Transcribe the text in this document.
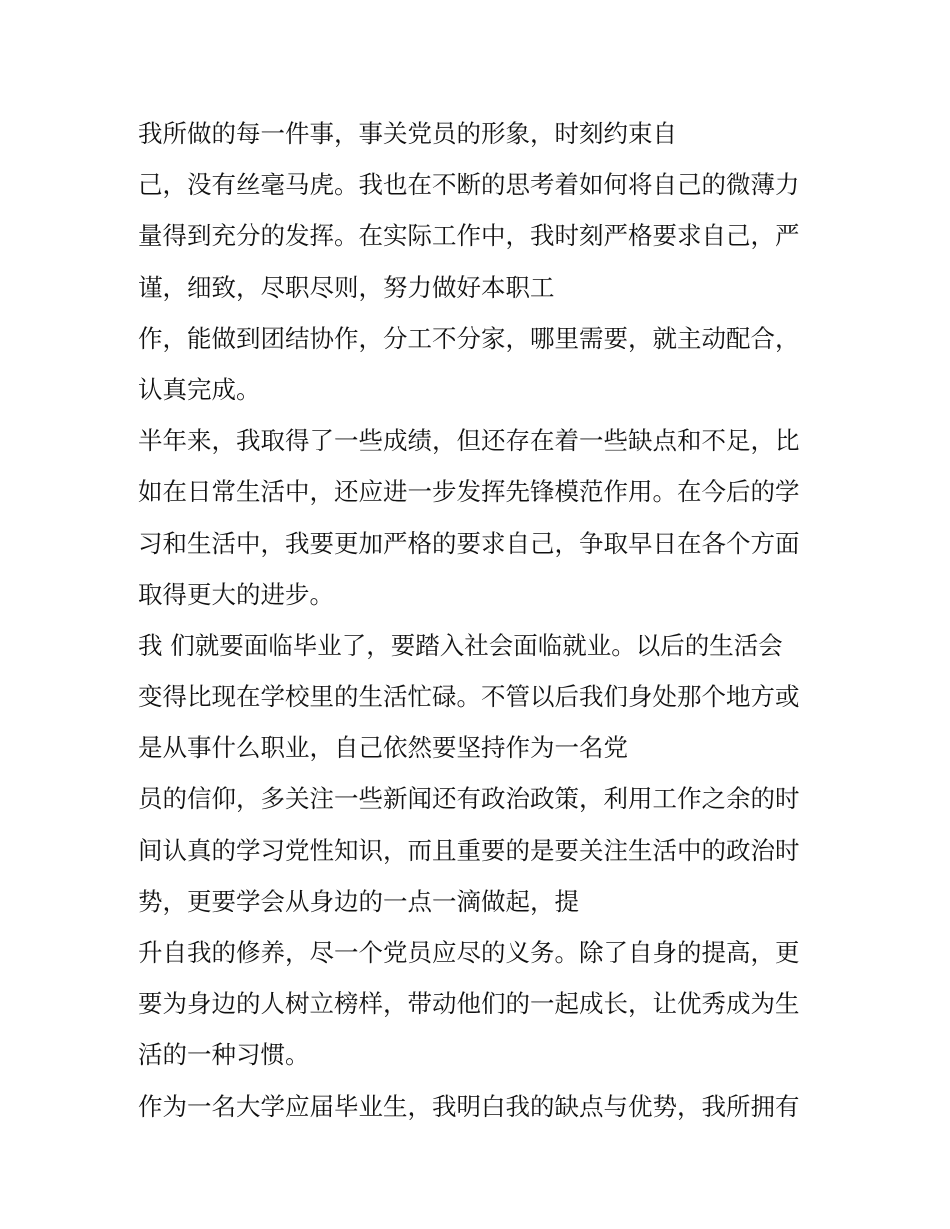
我所做的每一件事，事关党员的形象，时刻约束自
己，没有丝毫马虎。我也在不断的思考着如何将自己的微薄力
量得到充分的发挥。在实际工作中，我时刻严格要求自己，严
谨，细致，尽职尽则，努力做好本职工
作，能做到团结协作，分工不分家，哪里需要，就主动配合，
认真完成。
半年来，我取得了一些成绩，但还存在着一些缺点和不足，比
如在日常生活中，还应进一步发挥先锋模范作用。在今后的学
习和生活中，我要更加严格的要求自己，争取早日在各个方面
取得更大的进步。
我 们就要面临毕业了，要踏入社会面临就业。以后的生活会
变得比现在学校里的生活忙碌。不管以后我们身处那个地方或
是从事什么职业，自己依然要坚持作为一名党
员的信仰，多关注一些新闻还有政治政策，利用工作之余的时
间认真的学习党性知识，而且重要的是要关注生活中的政治时
势，更要学会从身边的一点一滴做起，提
升自我的修养，尽一个党员应尽的义务。除了自身的提高，更
要为身边的人树立榜样，带动他们的一起成长，让优秀成为生
活的一种习惯。
作为一名大学应届毕业生，我明白我的缺点与优势，我所拥有
